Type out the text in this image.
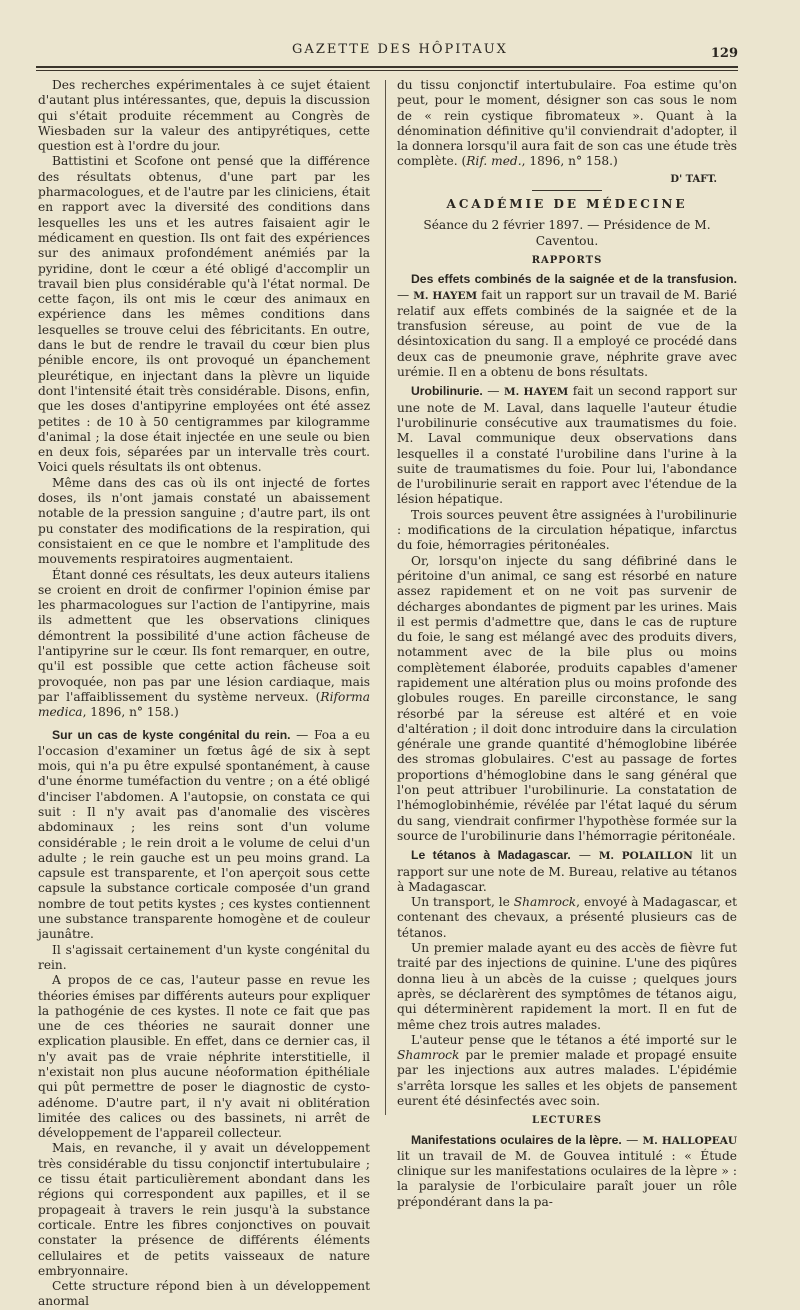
GAZETTE DES HÔPITAUX	129

Des recherches expérimentales à ce sujet étaient d'autant plus intéressantes, que, depuis la discussion qui s'était produite récemment au Congrès de Wiesbaden sur la valeur des antipyrétiques, cette question est à l'ordre du jour.

Battistini et Scofone ont pensé que la différence des résultats obtenus, d'une part par les pharmacologues, et de l'autre par les cliniciens, était en rapport avec la diversité des conditions dans lesquelles les uns et les autres faisaient agir le médicament en question. Ils ont fait des expériences sur des animaux profondément anémiés par la pyridine, dont le cœur a été obligé d'accomplir un travail bien plus considérable qu'à l'état normal. De cette façon, ils ont mis le cœur des animaux en expérience dans les mêmes conditions dans lesquelles se trouve celui des fébricitants. En outre, dans le but de rendre le travail du cœur bien plus pénible encore, ils ont provoqué un épanchement pleurétique, en injectant dans la plèvre un liquide dont l'intensité était très considérable. Disons, enfin, que les doses d'antipyrine employées ont été assez petites : de 10 à 50 centigrammes par kilogramme d'animal ; la dose était injectée en une seule ou bien en deux fois, séparées par un intervalle très court. Voici quels résultats ils ont obtenus.

Même dans des cas où ils ont injecté de fortes doses, ils n'ont jamais constaté un abaissement notable de la pression sanguine ; d'autre part, ils ont pu constater des modifications de la respiration, qui consistaient en ce que le nombre et l'amplitude des mouvements respiratoires augmentaient.

Étant donné ces résultats, les deux auteurs italiens se croient en droit de confirmer l'opinion émise par les pharmacologues sur l'action de l'antipyrine, mais ils admettent que les observations cliniques démontrent la possibilité d'une action fâcheuse de l'antipyrine sur le cœur. Ils font remarquer, en outre, qu'il est possible que cette action fâcheuse soit provoquée, non pas par une lésion cardiaque, mais par l'affaiblissement du système nerveux. (Riforma medica, 1896, n° 158.)

Sur un cas de kyste congénital du rein. — Foa a eu l'occasion d'examiner un fœtus âgé de six à sept mois, qui n'a pu être expulsé spontanément, à cause d'une énorme tuméfaction du ventre ; on a été obligé d'inciser l'abdomen. A l'autopsie, on constata ce qui suit : Il n'y avait pas d'anomalie des viscères abdominaux ; les reins sont d'un volume considérable ; le rein droit a le volume de celui d'un adulte ; le rein gauche est un peu moins grand. La capsule est transparente, et l'on aperçoit sous cette capsule la substance corticale composée d'un grand nombre de tout petits kystes ; ces kystes contiennent une substance transparente homogène et de couleur jaunâtre.

Il s'agissait certainement d'un kyste congénital du rein.

A propos de ce cas, l'auteur passe en revue les théories émises par différents auteurs pour expliquer la pathogénie de ces kystes. Il note ce fait que pas une de ces théories ne saurait donner une explication plausible. En effet, dans ce dernier cas, il n'y avait pas de vraie néphrite interstitielle, il n'existait non plus aucune néoformation épithéliale qui pût permettre de poser le diagnostic de cysto-adénome. D'autre part, il n'y avait ni oblitération limitée des calices ou des bassinets, ni arrêt de développement de l'appareil collecteur.

Mais, en revanche, il y avait un développement très considérable du tissu conjonctif intertubulaire ; ce tissu était particulièrement abondant dans les régions qui correspondent aux papilles, et il se propageait à travers le rein jusqu'à la substance corticale. Entre les fibres conjonctives on pouvait constater la présence de différents éléments cellulaires et de petits vaisseaux de nature embryonnaire.

Cette structure répond bien à un développement anormal

du tissu conjonctif intertubulaire. Foa estime qu'on peut, pour le moment, désigner son cas sous le nom de « rein cystique fibromateux ». Quant à la dénomination définitive qu'il conviendrait d'adopter, il la donnera lorsqu'il aura fait de son cas une étude très complète. (Rif. med., 1896, n° 158.)

D' TAFT.
ACADÉMIE DE MÉDECINE

Séance du 2 février 1897. — Présidence de M. Caventou.

RAPPORTS

Des effets combinés de la saignée et de la transfusion. — M. HAYEM fait un rapport sur un travail de M. Barié relatif aux effets combinés de la saignée et de la transfusion séreuse, au point de vue de la désintoxication du sang. Il a employé ce procédé dans deux cas de pneumonie grave, néphrite grave avec urémie. Il en a obtenu de bons résultats.

Urobilinurie. — M. HAYEM fait un second rapport sur une note de M. Laval, dans laquelle l'auteur étudie l'urobilinurie consécutive aux traumatismes du foie. M. Laval communique deux observations dans lesquelles il a constaté l'urobiline dans l'urine à la suite de traumatismes du foie. Pour lui, l'abondance de l'urobilinurie serait en rapport avec l'étendue de la lésion hépatique.

Trois sources peuvent être assignées à l'urobilinurie : modifications de la circulation hépatique, infarctus du foie, hémorragies péritonéales.

Or, lorsqu'on injecte du sang défibriné dans le péritoine d'un animal, ce sang est résorbé en nature assez rapidement et on ne voit pas survenir de décharges abondantes de pigment par les urines. Mais il est permis d'admettre que, dans le cas de rupture du foie, le sang est mélangé avec des produits divers, notamment avec de la bile plus ou moins complètement élaborée, produits capables d'amener rapidement une altération plus ou moins profonde des globules rouges. En pareille circonstance, le sang résorbé par la séreuse est altéré et en voie d'altération ; il doit donc introduire dans la circulation générale une grande quantité d'hémoglobine libérée des stromas globulaires. C'est au passage de fortes proportions d'hémoglobine dans le sang général que l'on peut attribuer l'urobilinurie. La constatation de l'hémoglobinhémie, révélée par l'état laqué du sérum du sang, viendrait confirmer l'hypothèse formée sur la source de l'urobilinurie dans l'hémorragie péritonéale.

Le tétanos à Madagascar. — M. POLAILLON lit un rapport sur une note de M. Bureau, relative au tétanos à Madagascar.

Un transport, le Shamrock, envoyé à Madagascar, et contenant des chevaux, a présenté plusieurs cas de tétanos.

Un premier malade ayant eu des accès de fièvre fut traité par des injections de quinine. L'une des piqûres donna lieu à un abcès de la cuisse ; quelques jours après, se déclarèrent des symptômes de tétanos aigu, qui déterminèrent rapidement la mort. Il en fut de même chez trois autres malades.

L'auteur pense que le tétanos a été importé sur le Shamrock par le premier malade et propagé ensuite par les injections aux autres malades. L'épidémie s'arrêta lorsque les salles et les objets de pansement eurent été désinfectés avec soin.

LECTURES

Manifestations oculaires de la lèpre. — M. HALLOPEAU lit un travail de M. de Gouvea intitulé : « Étude clinique sur les manifestations oculaires de la lèpre » : la paralysie de l'orbiculaire paraît jouer un rôle prépondérant dans la pa-
